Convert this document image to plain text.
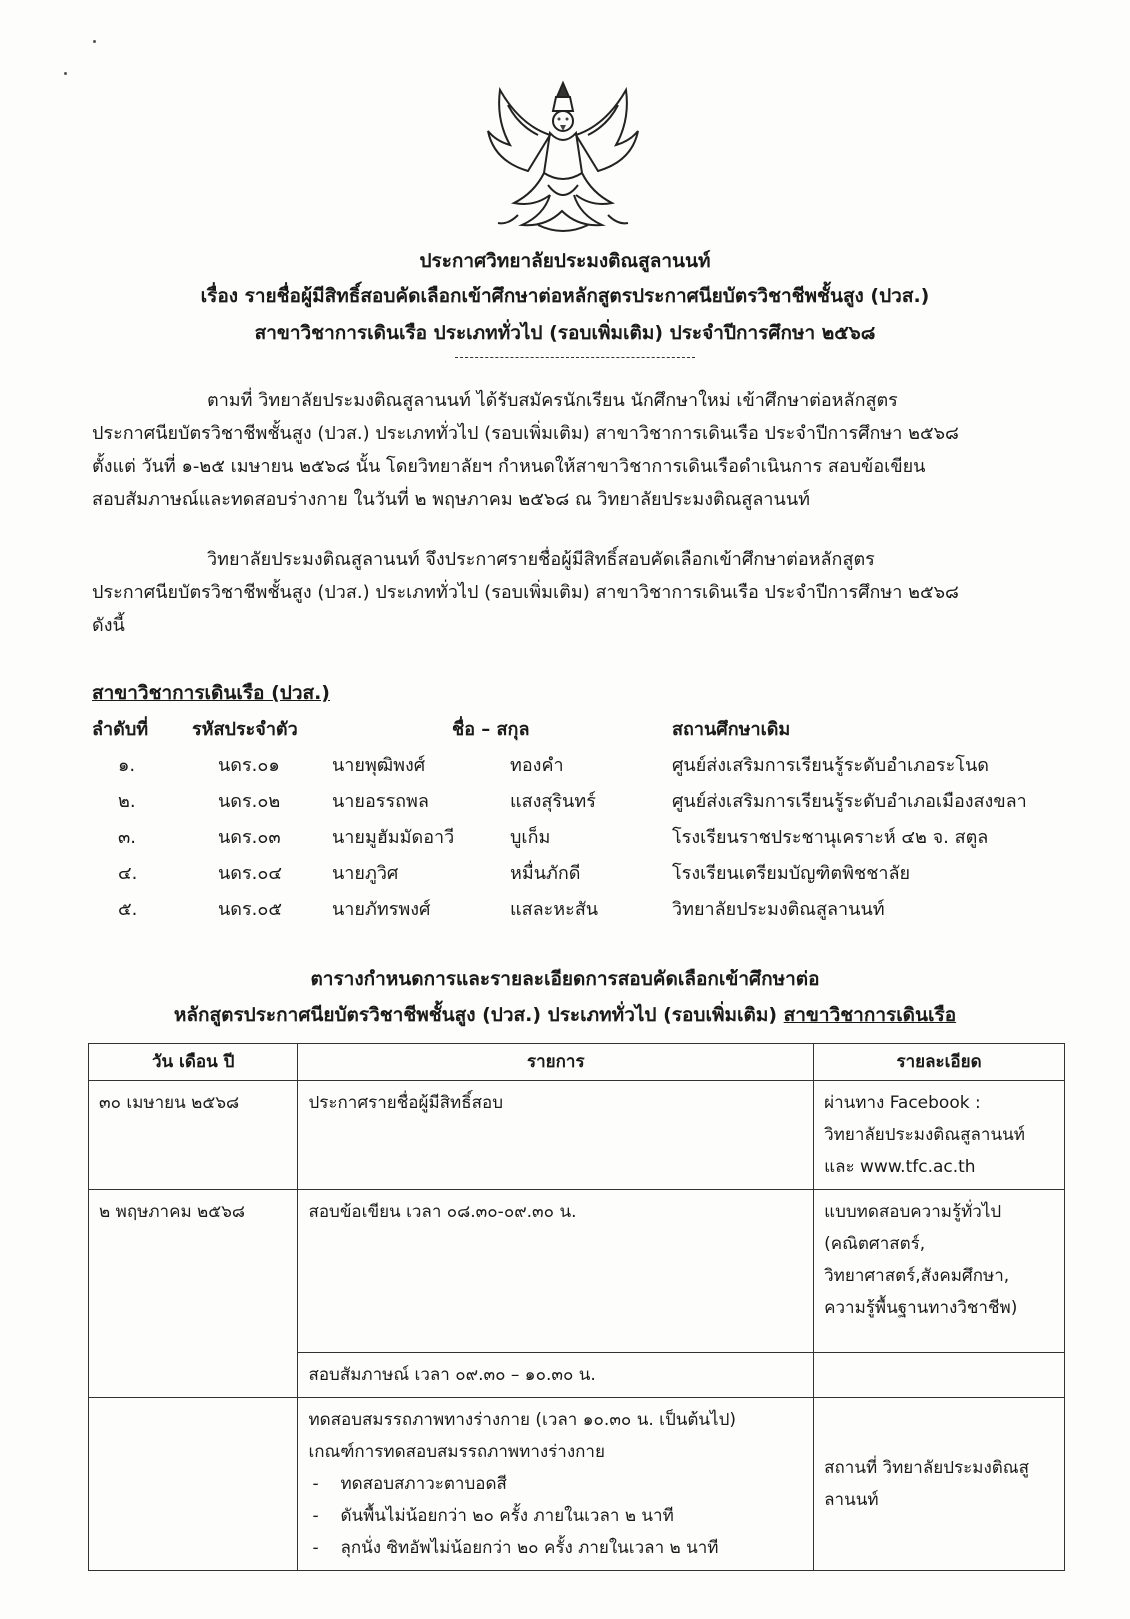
ประกาศวิทยาลัยประมงติณสูลานนท์
เรื่อง รายชื่อผู้มีสิทธิ์สอบคัดเลือกเข้าศึกษาต่อหลักสูตรประกาศนียบัตรวิชาชีพชั้นสูง (ปวส.)
สาขาวิชาการเดินเรือ ประเภททั่วไป (รอบเพิ่มเติม) ประจำปีการศึกษา ๒๕๖๘
ตามที่ วิทยาลัยประมงติณสูลานนท์ ได้รับสมัครนักเรียน นักศึกษาใหม่ เข้าศึกษาต่อหลักสูตร
ประกาศนียบัตรวิชาชีพชั้นสูง (ปวส.) ประเภททั่วไป (รอบเพิ่มเติม) สาขาวิชาการเดินเรือ ประจำปีการศึกษา ๒๕๖๘
ตั้งแต่ วันที่ ๑-๒๕ เมษายน ๒๕๖๘ นั้น โดยวิทยาลัยฯ กำหนดให้สาขาวิชาการเดินเรือดำเนินการ สอบข้อเขียน
สอบสัมภาษณ์และทดสอบร่างกาย ในวันที่ ๒ พฤษภาคม ๒๕๖๘ ณ วิทยาลัยประมงติณสูลานนท์
วิทยาลัยประมงติณสูลานนท์ จึงประกาศรายชื่อผู้มีสิทธิ์สอบคัดเลือกเข้าศึกษาต่อหลักสูตร
ประกาศนียบัตรวิชาชีพชั้นสูง (ปวส.) ประเภททั่วไป (รอบเพิ่มเติม) สาขาวิชาการเดินเรือ ประจำปีการศึกษา ๒๕๖๘
ดังนี้
สาขาวิชาการเดินเรือ (ปวส.)
ลำดับที่ รหัสประจำตัว	ชื่อ – สกุล	สถานศึกษาเดิม
๑.	นดร.๐๑	นายพุฒิพงศ์	ทองคำ	ศูนย์ส่งเสริมการเรียนรู้ระดับอำเภอระโนด
๒.	นดร.๐๒	นายอรรถพล	แสงสุรินทร์	ศูนย์ส่งเสริมการเรียนรู้ระดับอำเภอเมืองสงขลา
๓.	นดร.๐๓	นายมูฮัมมัดอาวี	บูเก็ม	โรงเรียนราชประชานุเคราะห์ ๔๒ จ. สตูล
๔.	นดร.๐๔	นายภูวิศ	หมื่นภักดี	โรงเรียนเตรียมบัญฑิตพิชชาลัย
๕.	นดร.๐๕	นายภัทรพงศ์	แสละหะสัน	วิทยาลัยประมงติณสูลานนท์
ตารางกำหนดการและรายละเอียดการสอบคัดเลือกเข้าศึกษาต่อ
หลักสูตรประกาศนียบัตรวิชาชีพชั้นสูง (ปวส.) ประเภททั่วไป (รอบเพิ่มเติม) สาขาวิชาการเดินเรือ
วัน เดือน ปี	รายการ	รายละเอียด
๓๐ เมษายน ๒๕๖๘	ประกาศรายชื่อผู้มีสิทธิ์สอบ	ผ่านทาง Facebook :
วิทยาลัยประมงติณสูลานนท์
และ www.tfc.ac.th

๒ พฤษภาคม ๒๕๖๘	สอบข้อเขียน เวลา ๐๘.๓๐-๐๙.๓๐ น.	แบบทดสอบความรู้ทั่วไป
(คณิตศาสตร์,
วิทยาศาสตร์,สังคมศึกษา,
ความรู้พื้นฐานทางวิชาชีพ)

	สอบสัมภาษณ์ เวลา ๐๙.๓๐ – ๑๐.๓๐ น.	

	ทดสอบสมรรถภาพทางร่างกาย (เวลา ๑๐.๓๐ น. เป็นต้นไป)
เกณฑ์การทดสอบสมรรถภาพทางร่างกาย
- ทดสอบสภาวะตาบอดสี
- ดันพื้นไม่น้อยกว่า ๒๐ ครั้ง ภายในเวลา ๒ นาที
- ลุกนั่ง ซิทอัพไม่น้อยกว่า ๒๐ ครั้ง ภายในเวลา ๒ นาที	สถานที่ วิทยาลัยประมงติณสู
ลานนท์
